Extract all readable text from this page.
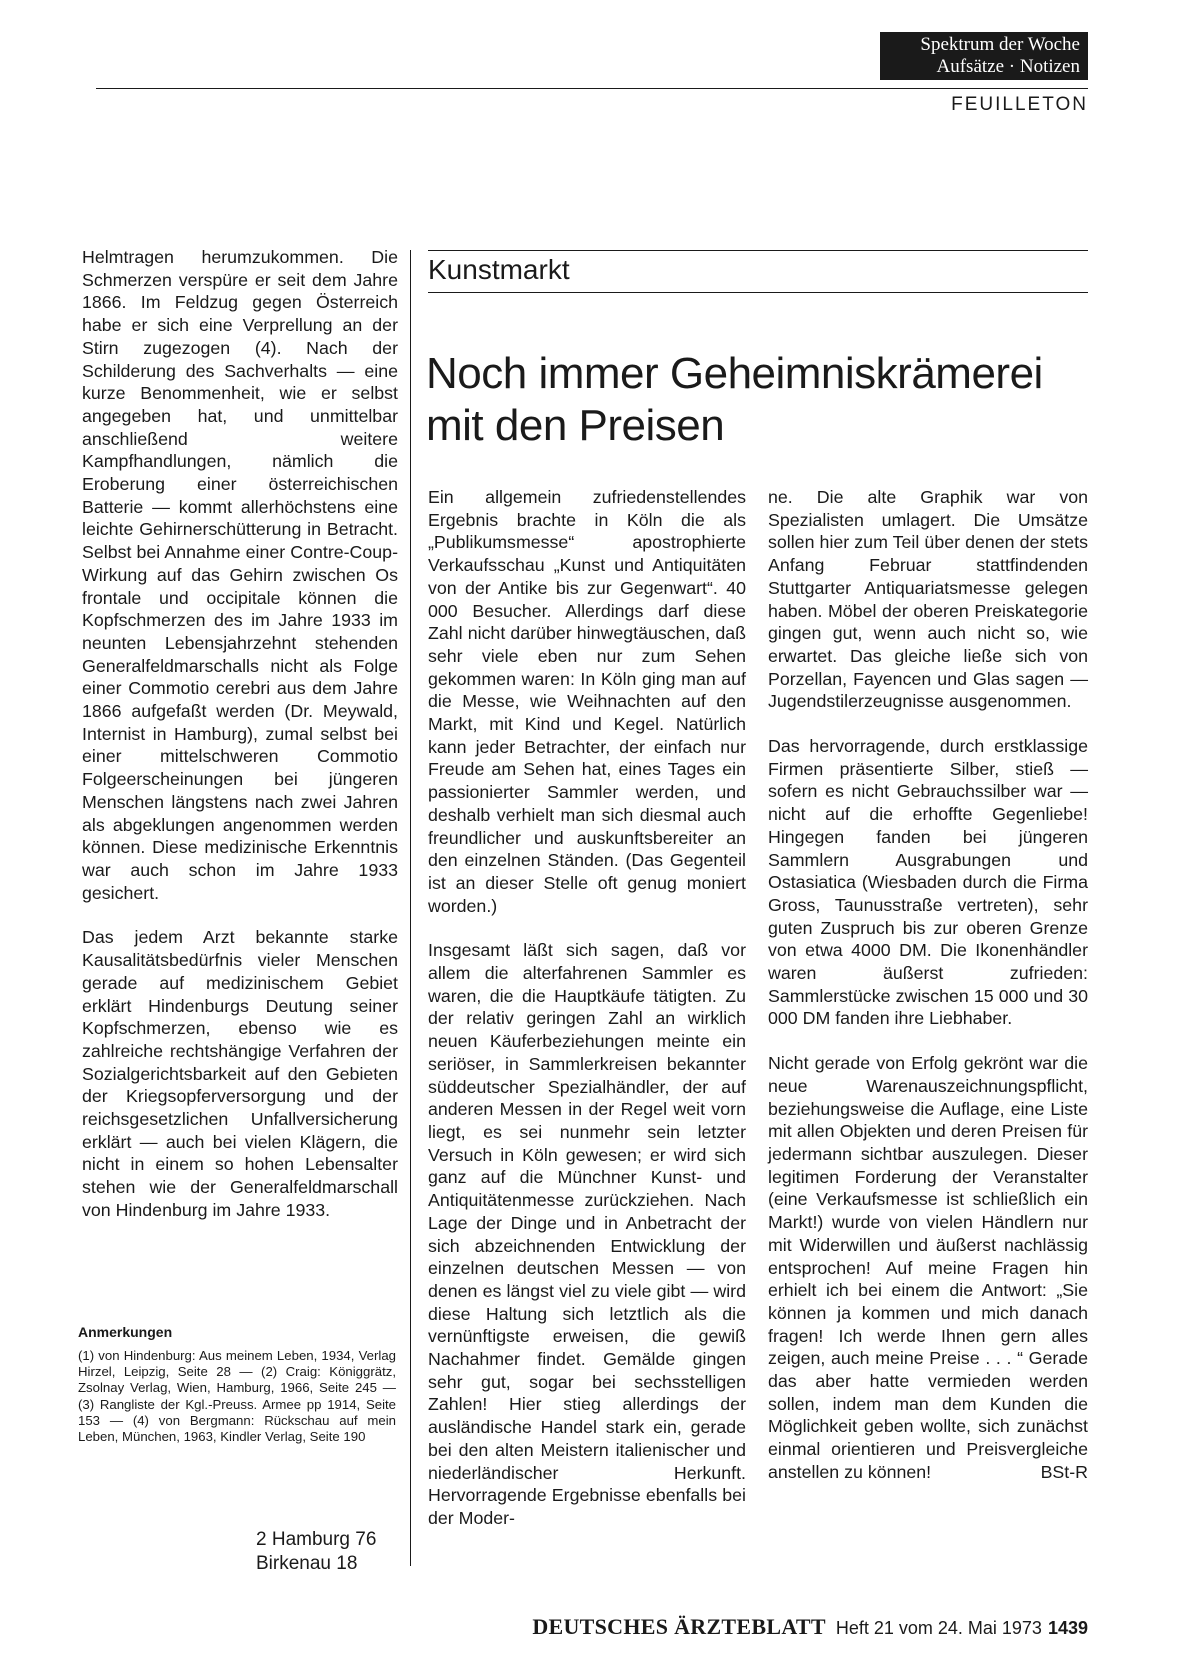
Spektrum der Woche
Aufsätze · Notizen
FEUILLETON

Helmtragen herumzukommen. Die Schmerzen verspüre er seit dem Jahre 1866. Im Feldzug gegen Österreich habe er sich eine Verprellung an der Stirn zugezogen (4). Nach der Schilderung des Sachverhalts — eine kurze Benommenheit, wie er selbst angegeben hat, und unmittelbar anschließend weitere Kampfhandlungen, nämlich die Eroberung einer österreichischen Batterie — kommt allerhöchstens eine leichte Gehirnerschütterung in Betracht. Selbst bei Annahme einer Contre-Coup-Wirkung auf das Gehirn zwischen Os frontale und occipitale können die Kopfschmerzen des im Jahre 1933 im neunten Lebensjahrzehnt stehenden Generalfeldmarschalls nicht als Folge einer Commotio cerebri aus dem Jahre 1866 aufgefaßt werden (Dr. Meywald, Internist in Hamburg), zumal selbst bei einer mittelschweren Commotio Folgeerscheinungen bei jüngeren Menschen längstens nach zwei Jahren als abgeklungen angenommen werden können. Diese medizinische Erkenntnis war auch schon im Jahre 1933 gesichert.

Das jedem Arzt bekannte starke Kausalitätsbedürfnis vieler Menschen gerade auf medizinischem Gebiet erklärt Hindenburgs Deutung seiner Kopfschmerzen, ebenso wie es zahlreiche rechtshängige Verfahren der Sozialgerichtsbarkeit auf den Gebieten der Kriegsopferversorgung und der reichsgesetzlichen Unfallversicherung erklärt — auch bei vielen Klägern, die nicht in einem so hohen Lebensalter stehen wie der Generalfeldmarschall von Hindenburg im Jahre 1933.

Anmerkungen
(1) von Hindenburg: Aus meinem Leben, 1934, Verlag Hirzel, Leipzig, Seite 28 — (2) Craig: Königgrätz, Zsolnay Verlag, Wien, Hamburg, 1966, Seite 245 — (3) Rangliste der Kgl.-Preuss. Armee pp 1914, Seite 153 — (4) von Bergmann: Rückschau auf mein Leben, München, 1963, Kindler Verlag, Seite 190
2 Hamburg 76
Birkenau 18
Kunstmarkt
Noch immer Geheimniskrämerei
mit den Preisen

Ein allgemein zufriedenstellendes Ergebnis brachte in Köln die als „Publikumsmesse“ apostrophierte Verkaufsschau „Kunst und Antiquitäten von der Antike bis zur Gegenwart“. 40 000 Besucher. Allerdings darf diese Zahl nicht darüber hinwegtäuschen, daß sehr viele eben nur zum Sehen gekommen waren: In Köln ging man auf die Messe, wie Weihnachten auf den Markt, mit Kind und Kegel. Natürlich kann jeder Betrachter, der einfach nur Freude am Sehen hat, eines Tages ein passionierter Sammler werden, und deshalb verhielt man sich diesmal auch freundlicher und auskunftsbereiter an den einzelnen Ständen. (Das Gegenteil ist an dieser Stelle oft genug moniert worden.)

Insgesamt läßt sich sagen, daß vor allem die alterfahrenen Sammler es waren, die die Hauptkäufe tätigten. Zu der relativ geringen Zahl an wirklich neuen Käuferbeziehungen meinte ein seriöser, in Sammlerkreisen bekannter süddeutscher Spezialhändler, der auf anderen Messen in der Regel weit vorn liegt, es sei nunmehr sein letzter Versuch in Köln gewesen; er wird sich ganz auf die Münchner Kunst- und Antiquitätenmesse zurückziehen. Nach Lage der Dinge und in Anbetracht der sich abzeichnenden Entwicklung der einzelnen deutschen Messen — von denen es längst viel zu viele gibt — wird diese Haltung sich letztlich als die vernünftigste erweisen, die gewiß Nachahmer findet. Gemälde gingen sehr gut, sogar bei sechsstelligen Zahlen! Hier stieg allerdings der ausländische Handel stark ein, gerade bei den alten Meistern italienischer und niederländischer Herkunft. Hervorragende Ergebnisse ebenfalls bei der Moder-

ne. Die alte Graphik war von Spezialisten umlagert. Die Umsätze sollen hier zum Teil über denen der stets Anfang Februar stattfindenden Stuttgarter Antiquariatsmesse gelegen haben. Möbel der oberen Preiskategorie gingen gut, wenn auch nicht so, wie erwartet. Das gleiche ließe sich von Porzellan, Fayencen und Glas sagen — Jugendstilerzeugnisse ausgenommen.

Das hervorragende, durch erstklassige Firmen präsentierte Silber, stieß — sofern es nicht Gebrauchssilber war — nicht auf die erhoffte Gegenliebe! Hingegen fanden bei jüngeren Sammlern Ausgrabungen und Ostasiatica (Wiesbaden durch die Firma Gross, Taunusstraße vertreten), sehr guten Zuspruch bis zur oberen Grenze von etwa 4000 DM. Die Ikonenhändler waren äußerst zufrieden: Sammlerstücke zwischen 15 000 und 30 000 DM fanden ihre Liebhaber.

Nicht gerade von Erfolg gekrönt war die neue Warenauszeichnungspflicht, beziehungsweise die Auflage, eine Liste mit allen Objekten und deren Preisen für jedermann sichtbar auszulegen. Dieser legitimen Forderung der Veranstalter (eine Verkaufsmesse ist schließlich ein Markt!) wurde von vielen Händlern nur mit Widerwillen und äußerst nachlässig entsprochen! Auf meine Fragen hin erhielt ich bei einem die Antwort: „Sie können ja kommen und mich danach fragen! Ich werde Ihnen gern alles zeigen, auch meine Preise . . . “ Gerade das aber hatte vermieden werden sollen, indem man dem Kunden die Möglichkeit geben wollte, sich zunächst einmal orientieren und Preisvergleiche anstellen zu können!	BSt-R

DEUTSCHES ÄRZTEBLATT Heft 21 vom 24. Mai 1973 1439
